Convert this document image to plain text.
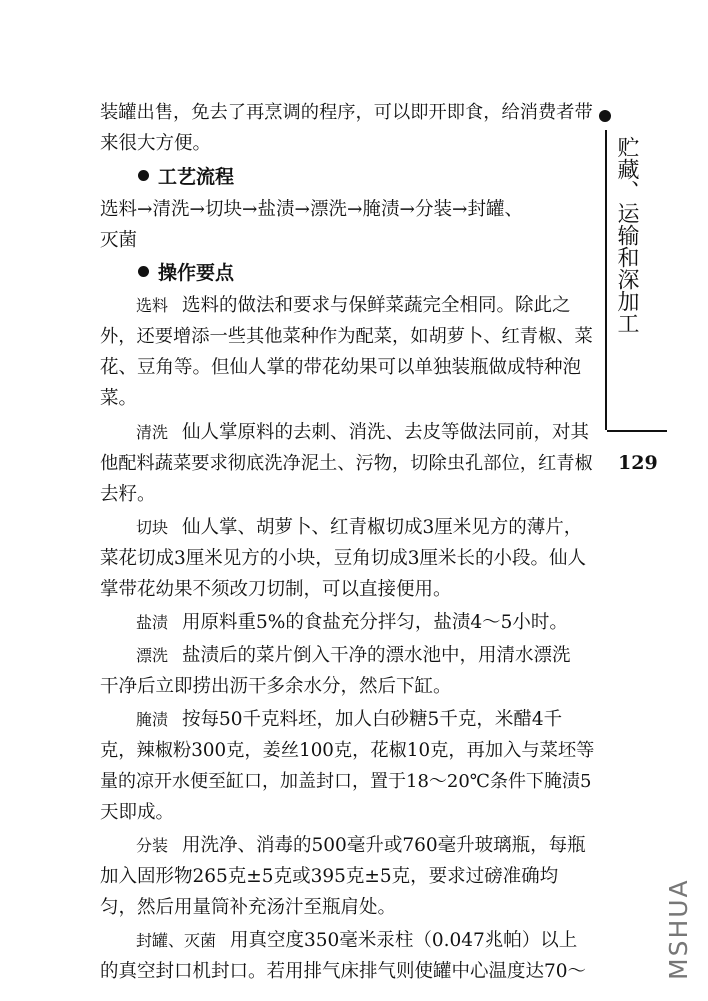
贮藏、运输和深加工
129
装罐出售，免去了再烹调的程序，可以即开即食，给消费者带
来很大方便。
工艺流程
选料→清洗→切块→盐渍→漂洗→腌渍→分装→封罐、
灭菌
操作要点
选料 选料的做法和要求与保鲜菜蔬完全相同。除此之
外，还要增添一些其他菜种作为配菜，如胡萝卜、红青椒、菜
花、豆角等。但仙人掌的带花幼果可以单独装瓶做成特种泡
菜。
清洗 仙人掌原料的去刺、消洗、去皮等做法同前，对其
他配料蔬菜要求彻底洗净泥土、污物，切除虫孔部位，红青椒
去籽。
切块 仙人掌、胡萝卜、红青椒切成3厘米见方的薄片，
菜花切成3厘米见方的小块，豆角切成3厘米长的小段。仙人
掌带花幼果不须改刀切制，可以直接便用。
盐渍 用原料重5%的食盐充分拌匀，盐渍4～5小时。
漂洗 盐渍后的菜片倒入干净的漂水池中，用清水漂洗
干净后立即捞出沥干多余水分，然后下缸。
腌渍 按每50千克料坯，加人白砂糖5千克，米醋4千
克，辣椒粉300克，姜丝100克，花椒10克，再加入与菜坯等
量的凉开水便至缸口，加盖封口，置于18～20℃条件下腌渍5
天即成。
分装 用洗净、消毒的500毫升或760毫升玻璃瓶，每瓶
加入固形物265克±5克或395克±5克，要求过磅准确均
匀，然后用量筒补充汤汁至瓶肩处。
封罐、灭菌 用真空度350毫米汞柱（0.047兆帕）以上
的真空封口机封口。若用排气床排气则使罐中心温度达70～	MSHUA
